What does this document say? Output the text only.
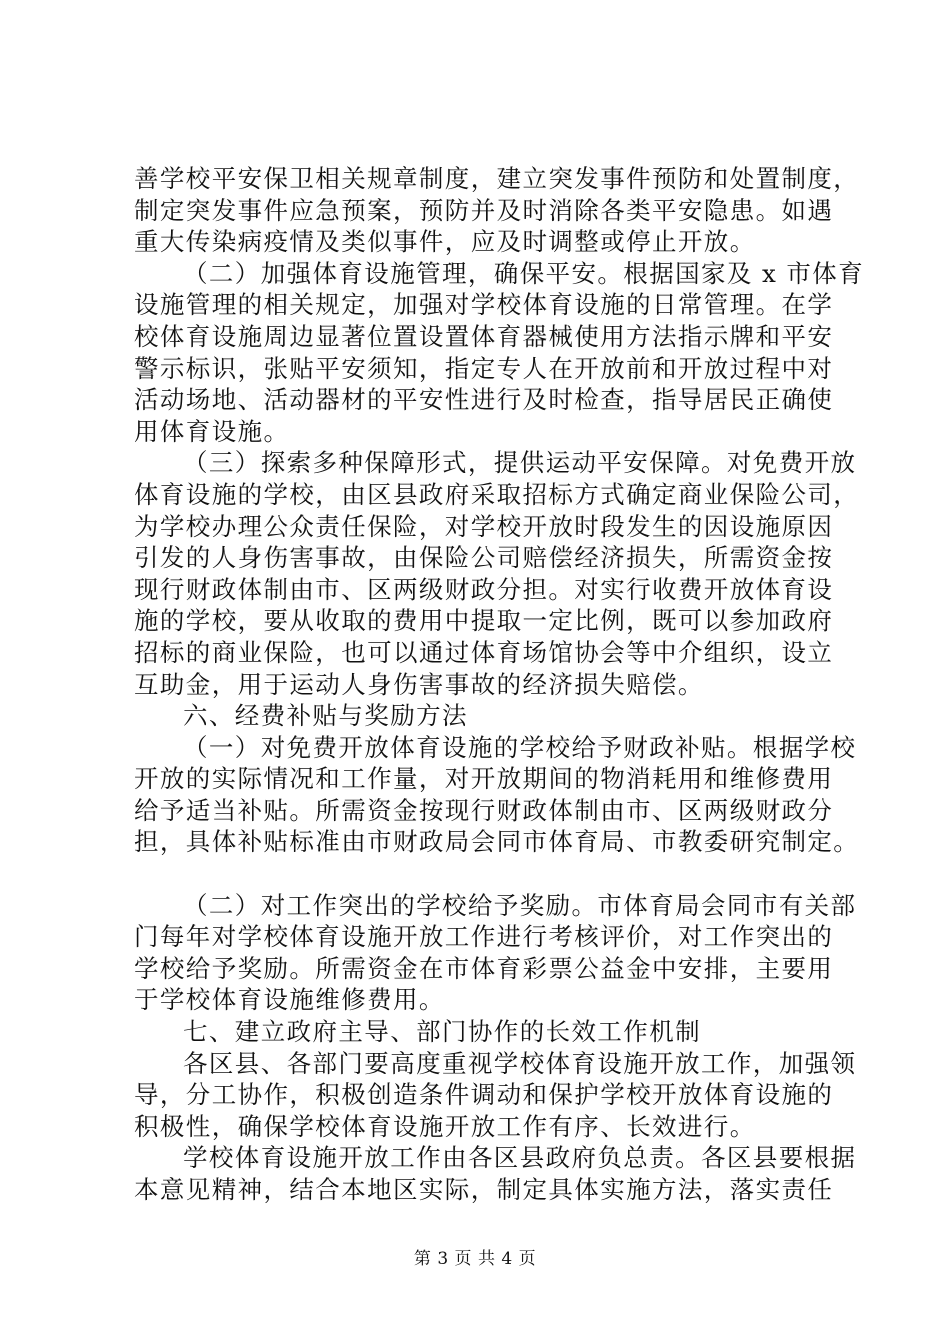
善学校平安保卫相关规章制度，建立突发事件预防和处置制度，
制定突发事件应急预案，预防并及时消除各类平安隐患。如遇
重大传染病疫情及类似事件，应及时调整或停止开放。
（二）加强体育设施管理，确保平安。根据国家及 x 市体育
设施管理的相关规定，加强对学校体育设施的日常管理。在学
校体育设施周边显著位置设置体育器械使用方法指示牌和平安
警示标识，张贴平安须知，指定专人在开放前和开放过程中对
活动场地、活动器材的平安性进行及时检查，指导居民正确使
用体育设施。
（三）探索多种保障形式，提供运动平安保障。对免费开放
体育设施的学校，由区县政府采取招标方式确定商业保险公司，
为学校办理公众责任保险，对学校开放时段发生的因设施原因
引发的人身伤害事故，由保险公司赔偿经济损失，所需资金按
现行财政体制由市、区两级财政分担。对实行收费开放体育设
施的学校，要从收取的费用中提取一定比例，既可以参加政府
招标的商业保险，也可以通过体育场馆协会等中介组织，设立
互助金，用于运动人身伤害事故的经济损失赔偿。
六、经费补贴与奖励方法
（一）对免费开放体育设施的学校给予财政补贴。根据学校
开放的实际情况和工作量，对开放期间的物消耗用和维修费用
给予适当补贴。所需资金按现行财政体制由市、区两级财政分
担，具体补贴标准由市财政局会同市体育局、市教委研究制定。
（二）对工作突出的学校给予奖励。市体育局会同市有关部
门每年对学校体育设施开放工作进行考核评价，对工作突出的
学校给予奖励。所需资金在市体育彩票公益金中安排，主要用
于学校体育设施维修费用。
七、建立政府主导、部门协作的长效工作机制
各区县、各部门要高度重视学校体育设施开放工作，加强领
导，分工协作，积极创造条件调动和保护学校开放体育设施的
积极性，确保学校体育设施开放工作有序、长效进行。
学校体育设施开放工作由各区县政府负总责。各区县要根据
本意见精神，结合本地区实际，制定具体实施方法，落实责任
第 3 页 共 4 页
